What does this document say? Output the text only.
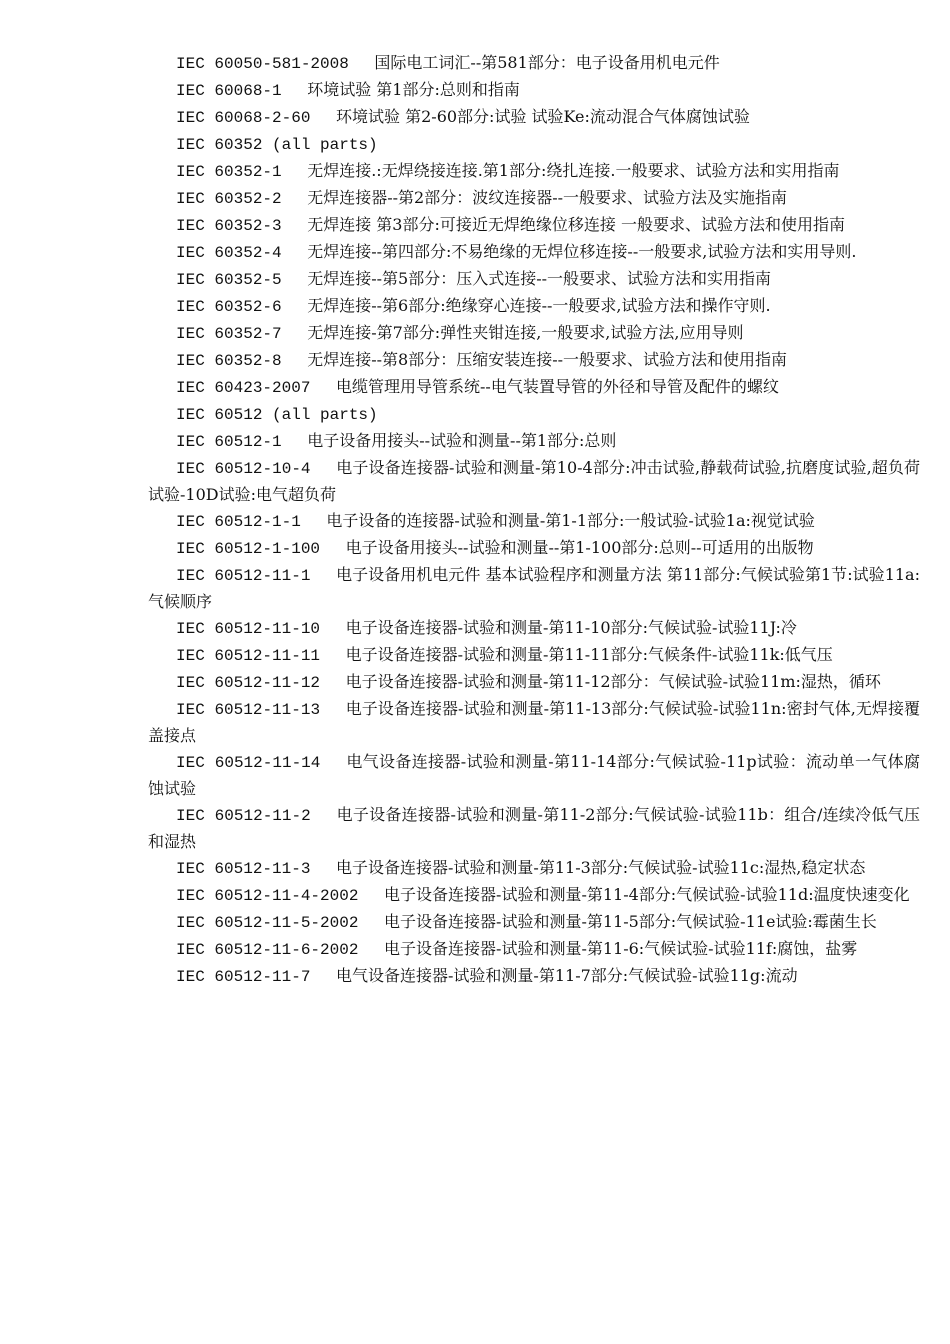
IEC 60050-581-2008 国际电工词汇--第581部分：电子设备用机电元件

IEC 60068-1 环境试验 第1部分:总则和指南

IEC 60068-2-60 环境试验 第2-60部分:试验 试验Ke:流动混合气体腐蚀试验

IEC 60352 (all parts)

IEC 60352-1 无焊连接.:无焊绕接连接.第1部分:绕扎连接.一般要求、试验方法和实用指南

IEC 60352-2 无焊连接器--第2部分：波纹连接器--一般要求、试验方法及实施指南

IEC 60352-3 无焊连接 第3部分:可接近无焊绝缘位移连接 一般要求、试验方法和使用指南

IEC 60352-4 无焊连接--第四部分:不易绝缘的无焊位移连接--一般要求,试验方法和实用导则.

IEC 60352-5 无焊连接--第5部分：压入式连接--一般要求、试验方法和实用指南

IEC 60352-6 无焊连接--第6部分:绝缘穿心连接--一般要求,试验方法和操作守则.

IEC 60352-7 无焊连接-第7部分:弹性夹钳连接,一般要求,试验方法,应用导则

IEC 60352-8 无焊连接--第8部分：压缩安装连接--一般要求、试验方法和使用指南

IEC 60423-2007 电缆管理用导管系统--电气装置导管的外径和导管及配件的螺纹

IEC 60512 (all parts)

IEC 60512-1 电子设备用接头--试验和测量--第1部分:总则

IEC 60512-10-4 电子设备连接器-试验和测量-第10-4部分:冲击试验,静载荷试验,抗磨度试验,超负荷试验-10D试验:电气超负荷

IEC 60512-1-1 电子设备的连接器-试验和测量-第1-1部分:一般试验-试验1a:视觉试验

IEC 60512-1-100 电子设备用接头--试验和测量--第1-100部分:总则--可适用的出版物

IEC 60512-11-1 电子设备用机电元件 基本试验程序和测量方法 第11部分:气候试验第1节:试验11a:气候顺序

IEC 60512-11-10 电子设备连接器-试验和测量-第11-10部分:气候试验-试验11J:冷

IEC 60512-11-11 电子设备连接器-试验和测量-第11-11部分:气候条件-试验11k:低气压

IEC 60512-11-12 电子设备连接器-试验和测量-第11-12部分：气候试验-试验11m:湿热，循环

IEC 60512-11-13 电子设备连接器-试验和测量-第11-13部分:气候试验-试验11n:密封气体,无焊接覆盖接点

IEC 60512-11-14 电气设备连接器-试验和测量-第11-14部分:气候试验-11p试验：流动单一气体腐蚀试验

IEC 60512-11-2 电子设备连接器-试验和测量-第11-2部分:气候试验-试验11b：组合/连续冷低气压和湿热

IEC 60512-11-3 电子设备连接器-试验和测量-第11-3部分:气候试验-试验11c:湿热,稳定状态

IEC 60512-11-4-2002 电子设备连接器-试验和测量-第11-4部分:气候试验-试验11d:温度快速变化

IEC 60512-11-5-2002 电子设备连接器-试验和测量-第11-5部分:气候试验-11e试验:霉菌生长

IEC 60512-11-6-2002 电子设备连接器-试验和测量-第11-6:气候试验-试验11f:腐蚀，盐雾

IEC 60512-11-7 电气设备连接器-试验和测量-第11-7部分:气候试验-试验11g:流动
